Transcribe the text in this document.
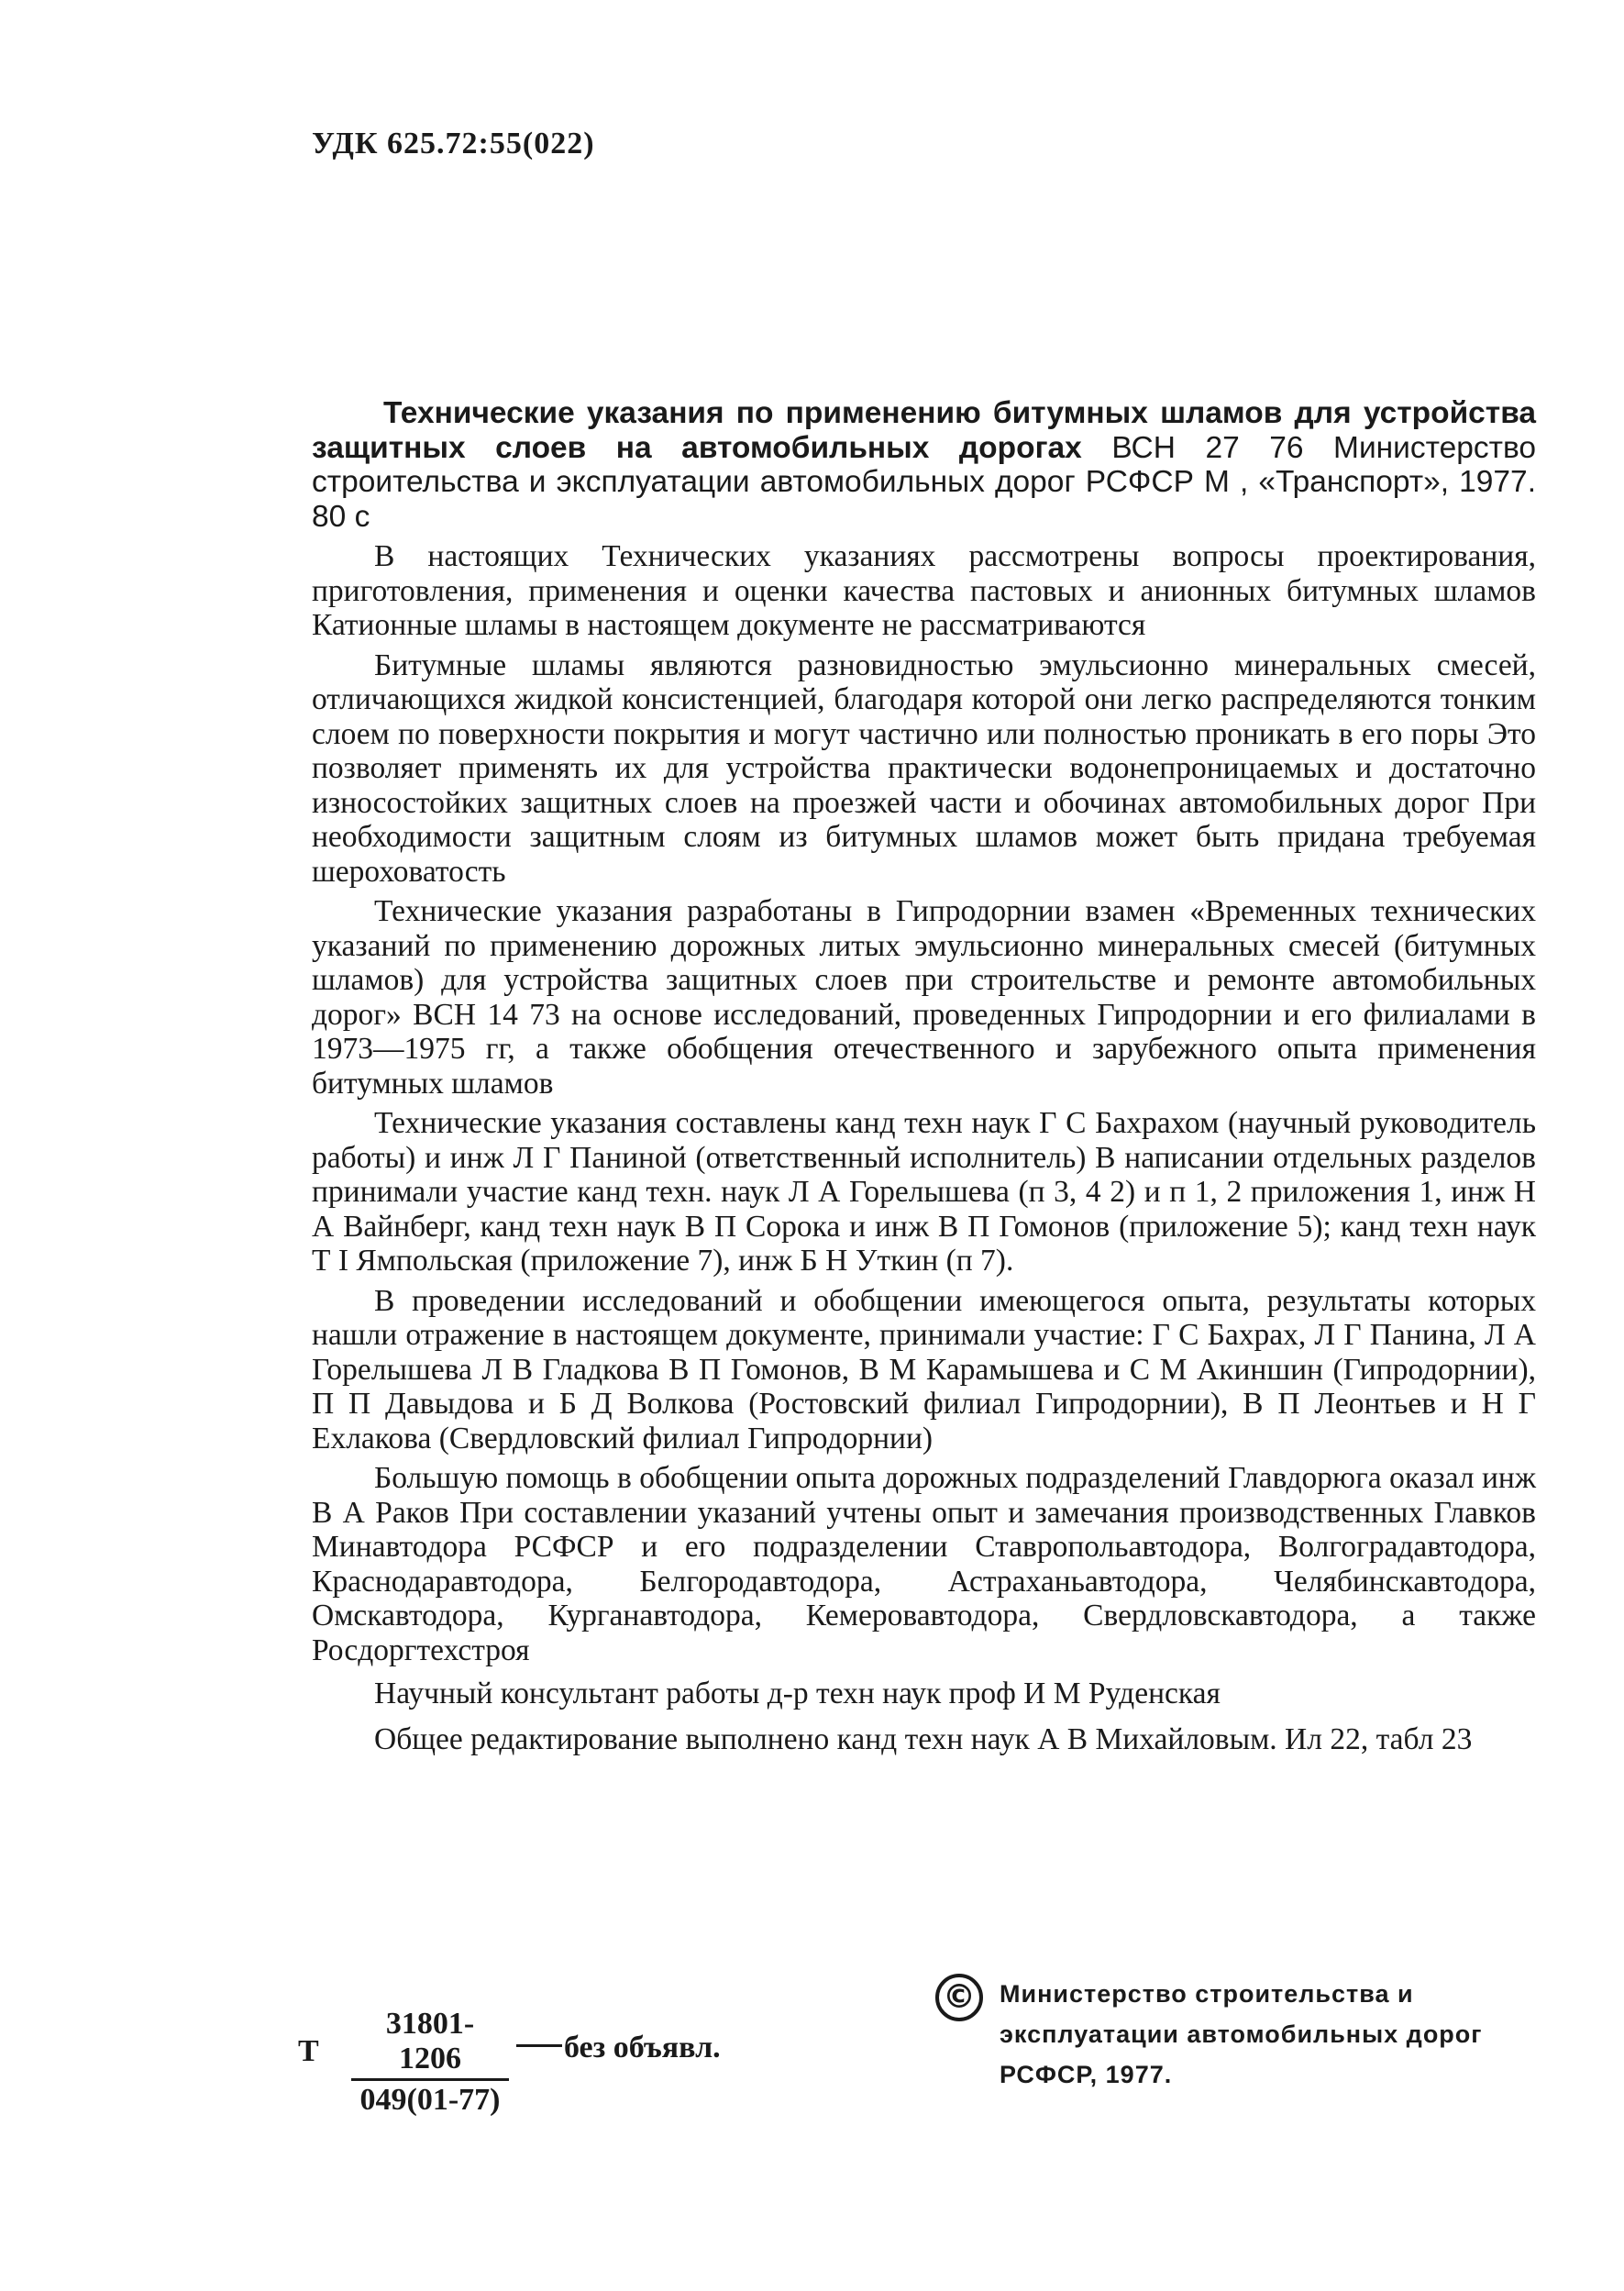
УДК 625.72:55(022)

Технические указания по применению битумных шламов для устройства защитных слоев на автомобильных дорогах ВСН 27 76 Министерство строительства и эксплуатации автомобильных дорог РСФСР М , «Транспорт», 1977. 80 с

В настоящих Технических указаниях рассмотрены вопросы проектирования, приготовления, применения и оценки качества пастовых и анионных битумных шламов Катионные шламы в настоящем документе не рассматриваются

Битумные шламы являются разновидностью эмульсионно минеральных смесей, отличающихся жидкой консистенцией, благодаря которой они легко распределяются тонким слоем по поверхности покрытия и могут частично или полностью проникать в его поры Это позволяет применять их для устройства практически водонепроницаемых и достаточно износостойких защитных слоев на проезжей части и обочинах автомобильных дорог При необходимости защитным слоям из битумных шламов может быть придана требуемая шероховатость

Технические указания разработаны в Гипродорнии взамен «Временных технических указаний по применению дорожных литых эмульсионно минеральных смесей (битумных шламов) для устройства защитных слоев при строительстве и ремонте автомобильных дорог» ВСН 14 73 на основе исследований, проведенных Гипродорнии и его филиалами в 1973—1975 гг, а также обобщения отечественного и зарубежного опыта применения битумных шламов

Технические указания составлены канд техн наук Г С Бахрахом (научный руководитель работы) и инж Л Г Паниной (ответственный исполнитель) В написании отдельных разделов принимали участие канд техн. наук Л А Горелышева (п 3, 4 2) и п 1, 2 приложения 1, инж Н А Вайнберг, канд техн наук В П Сорока и инж В П Гомонов (приложение 5); канд техн наук Т І Ямпольская (приложение 7), инж Б Н Уткин (п 7).

В проведении исследований и обобщении имеющегося опыта, результаты которых нашли отражение в настоящем документе, принимали участие: Г С Бахрах, Л Г Панина, Л А Горелышева Л В Гладкова В П Гомонов, В М Карамышева и С М Акиншин (Гипродорнии), П П Давыдова и Б Д Волкова (Ростовский филиал Гипродорнии), В П Леонтьев и Н Г Ехлакова (Свердловский филиал Гипродорнии)

Большую помощь в обобщении опыта дорожных подразделений Главдорюга оказал инж В А Раков При составлении указаний учтены опыт и замечания производственных Главков Минавтодора РСФСР и его подразделении Ставропольавтодора, Волгоградавтодора, Краснодаравтодора, Белгородавтодора, Астраханьавтодора, Челябинскавтодора, Омскавтодора, Курганавтодора, Кемеровавтодора, Свердловскавтодора, а также Росдоргтехстроя

Научный консультант работы д-р техн наук проф И М Руденская

Общее редактирование выполнено канд техн наук А В Михайловым. Ил 22, табл 23

Т $\frac{31801-1206}{049(01-77)}$ без объявл.
© Министерство строительства и эксплуатации автомобильных дорог РСФСР, 1977.
